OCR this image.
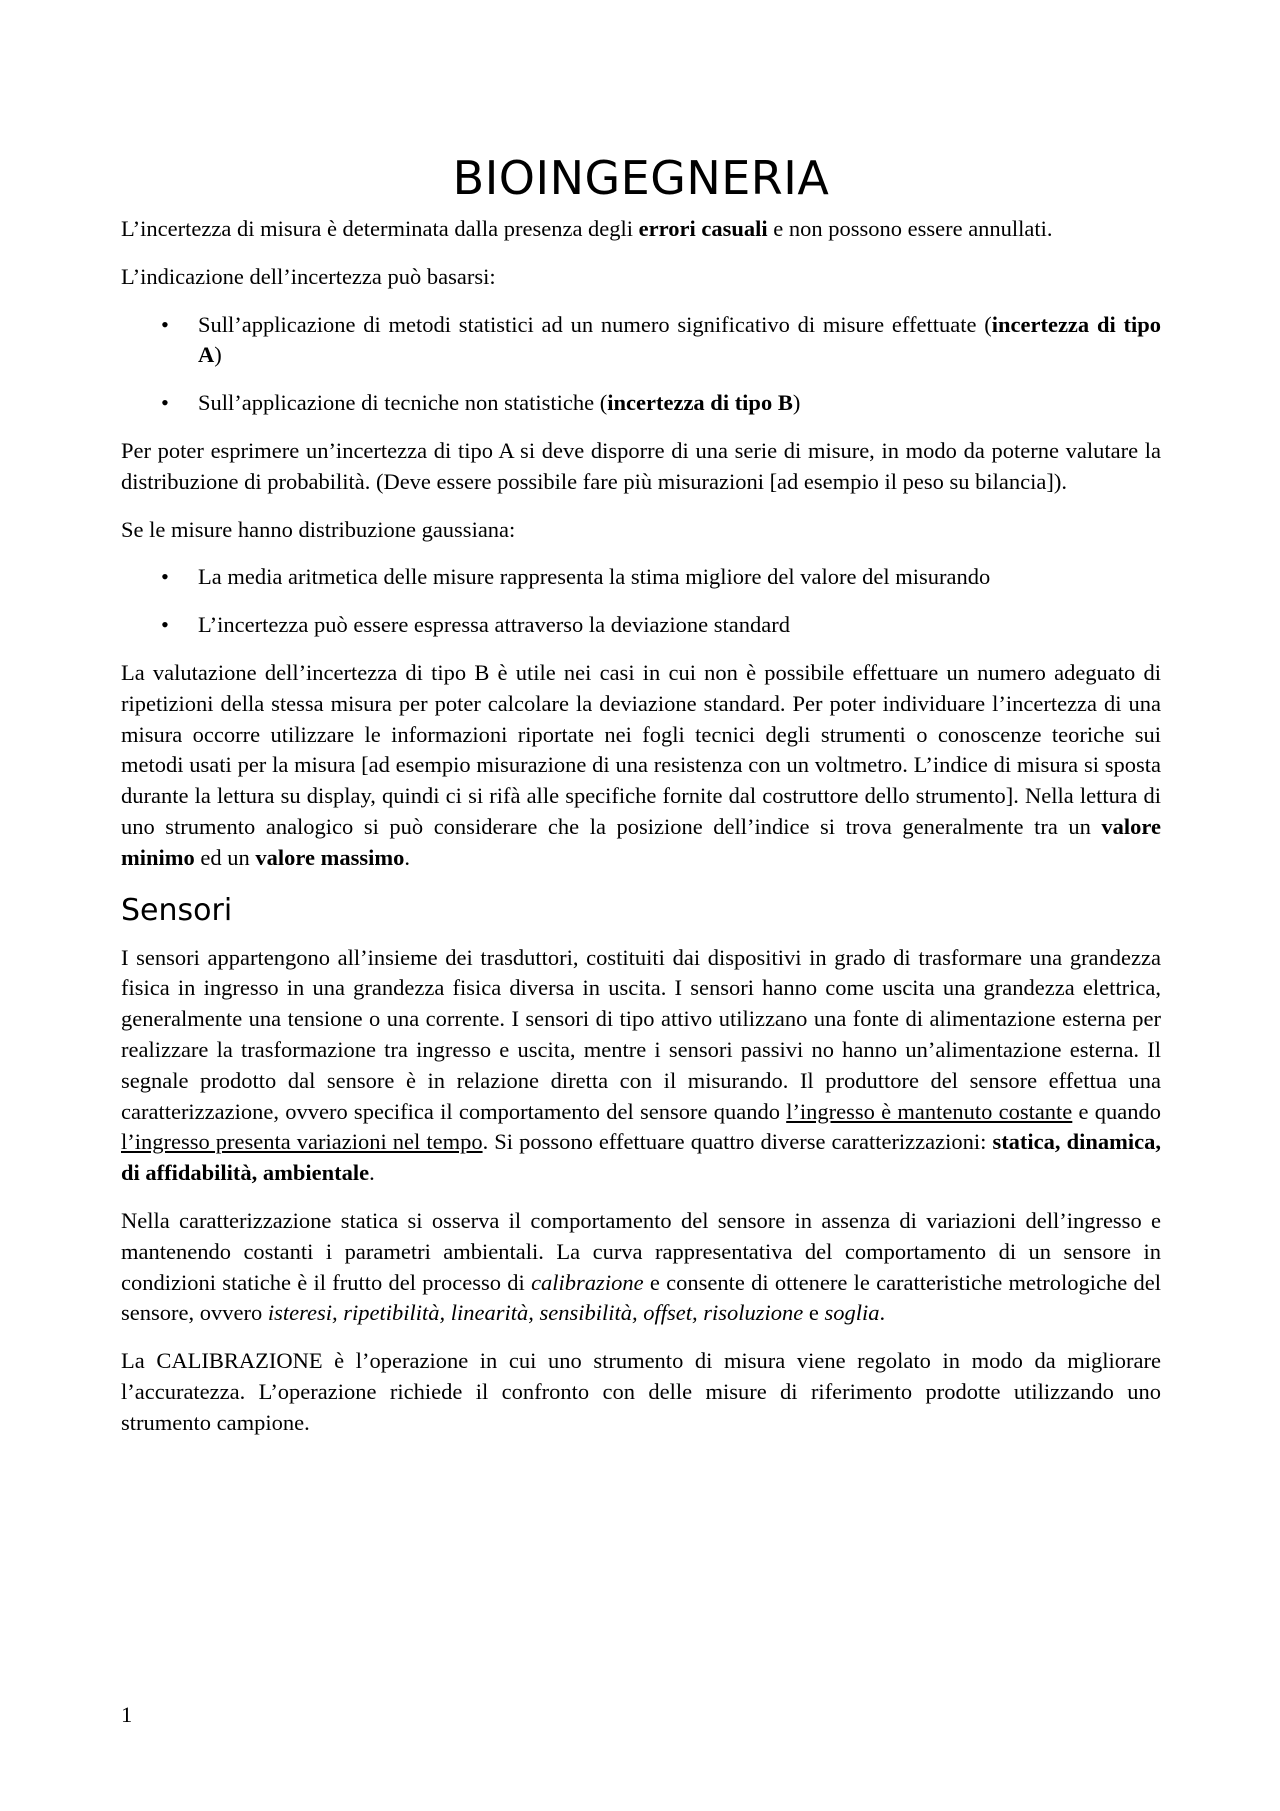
BIOINGEGNERIA

L’incertezza di misura è determinata dalla presenza degli errori casuali e non possono essere annullati.

L’indicazione dell’incertezza può basarsi:

• Sull’applicazione di metodi statistici ad un numero significativo di misure effettuate (incertezza di tipo A)
• Sull’applicazione di tecniche non statistiche (incertezza di tipo B)

Per poter esprimere un’incertezza di tipo A si deve disporre di una serie di misure, in modo da poterne valutare la distribuzione di probabilità. (Deve essere possibile fare più misurazioni [ad esempio il peso su bilancia]).

Se le misure hanno distribuzione gaussiana:

• La media aritmetica delle misure rappresenta la stima migliore del valore del misurando
• L’incertezza può essere espressa attraverso la deviazione standard

La valutazione dell’incertezza di tipo B è utile nei casi in cui non è possibile effettuare un numero adeguato di ripetizioni della stessa misura per poter calcolare la deviazione standard. Per poter individuare l’incertezza di una misura occorre utilizzare le informazioni riportate nei fogli tecnici degli strumenti o conoscenze teoriche sui metodi usati per la misura [ad esempio misurazione di una resistenza con un voltmetro. L’indice di misura si sposta durante la lettura su display, quindi ci si rifà alle specifiche fornite dal costruttore dello strumento]. Nella lettura di uno strumento analogico si può considerare che la posizione dell’indice si trova generalmente tra un valore minimo ed un valore massimo.

Sensori

I sensori appartengono all’insieme dei trasduttori, costituiti dai dispositivi in grado di trasformare una grandezza fisica in ingresso in una grandezza fisica diversa in uscita. I sensori hanno come uscita una grandezza elettrica, generalmente una tensione o una corrente. I sensori di tipo attivo utilizzano una fonte di alimentazione esterna per realizzare la trasformazione tra ingresso e uscita, mentre i sensori passivi no hanno un’alimentazione esterna. Il segnale prodotto dal sensore è in relazione diretta con il misurando. Il produttore del sensore effettua una caratterizzazione, ovvero specifica il comportamento del sensore quando l’ingresso è mantenuto costante e quando l’ingresso presenta variazioni nel tempo. Si possono effettuare quattro diverse caratterizzazioni: statica, dinamica, di affidabilità, ambientale.

Nella caratterizzazione statica si osserva il comportamento del sensore in assenza di variazioni dell’ingresso e mantenendo costanti i parametri ambientali. La curva rappresentativa del comportamento di un sensore in condizioni statiche è il frutto del processo di calibrazione e consente di ottenere le caratteristiche metrologiche del sensore, ovvero isteresi, ripetibilità, linearità, sensibilità, offset, risoluzione e soglia.

La CALIBRAZIONE è l’operazione in cui uno strumento di misura viene regolato in modo da migliorare l’accuratezza. L’operazione richiede il confronto con delle misure di riferimento prodotte utilizzando uno strumento campione.

1
